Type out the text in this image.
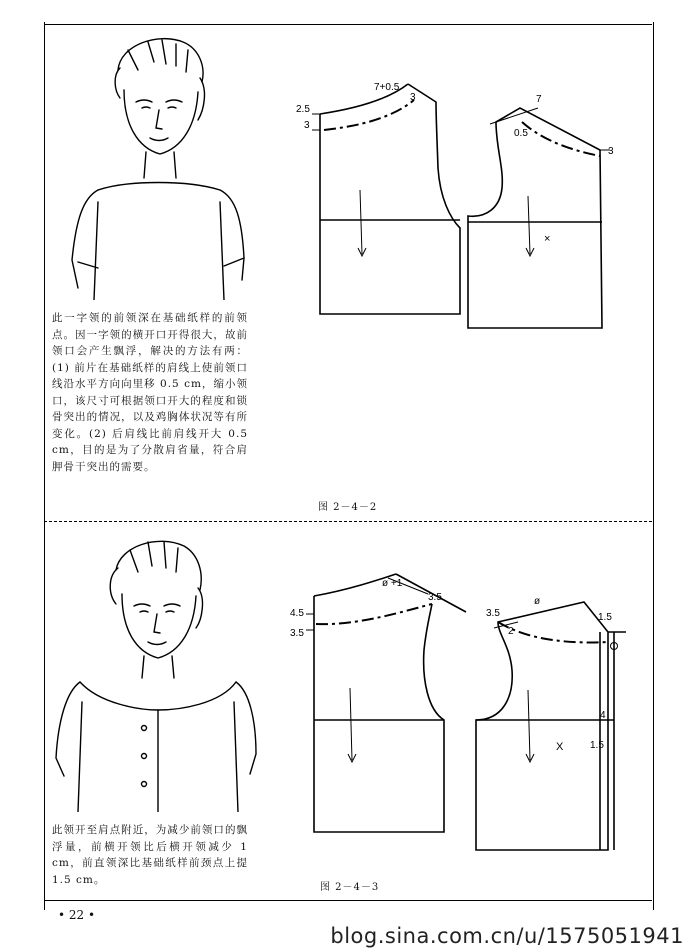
此一字领的前领深在基础纸样的前领点。因一字领的横开口开得很大，故前领口会产生飘浮，解决的方法有两：(1) 前片在基础纸样的肩线上使前领口线沿水平方向向里移 0.5 cm，缩小领口，该尺寸可根据领口开大的程度和锁骨突出的情况，以及鸡胸体状况等有所变化。(2) 后肩线比前肩线开大 0.5 cm，目的是为了分散肩省量，符合肩胛骨干突出的需要。
7+0.5
3
2.5
3
7
0.5
3
×
图 2－4－2
此领开至肩点附近，为减少前领口的飘浮量，前横开领比后横开领减少 1 cm，前直领深比基础纸样前颈点上提 1.5 cm。
ø +1
3.5
4.5
3.5
3.5
ø
2
1.5
4
1.5
X
图 2－4－3
• 22 •
blog.sina.com.cn/u/1575051941
